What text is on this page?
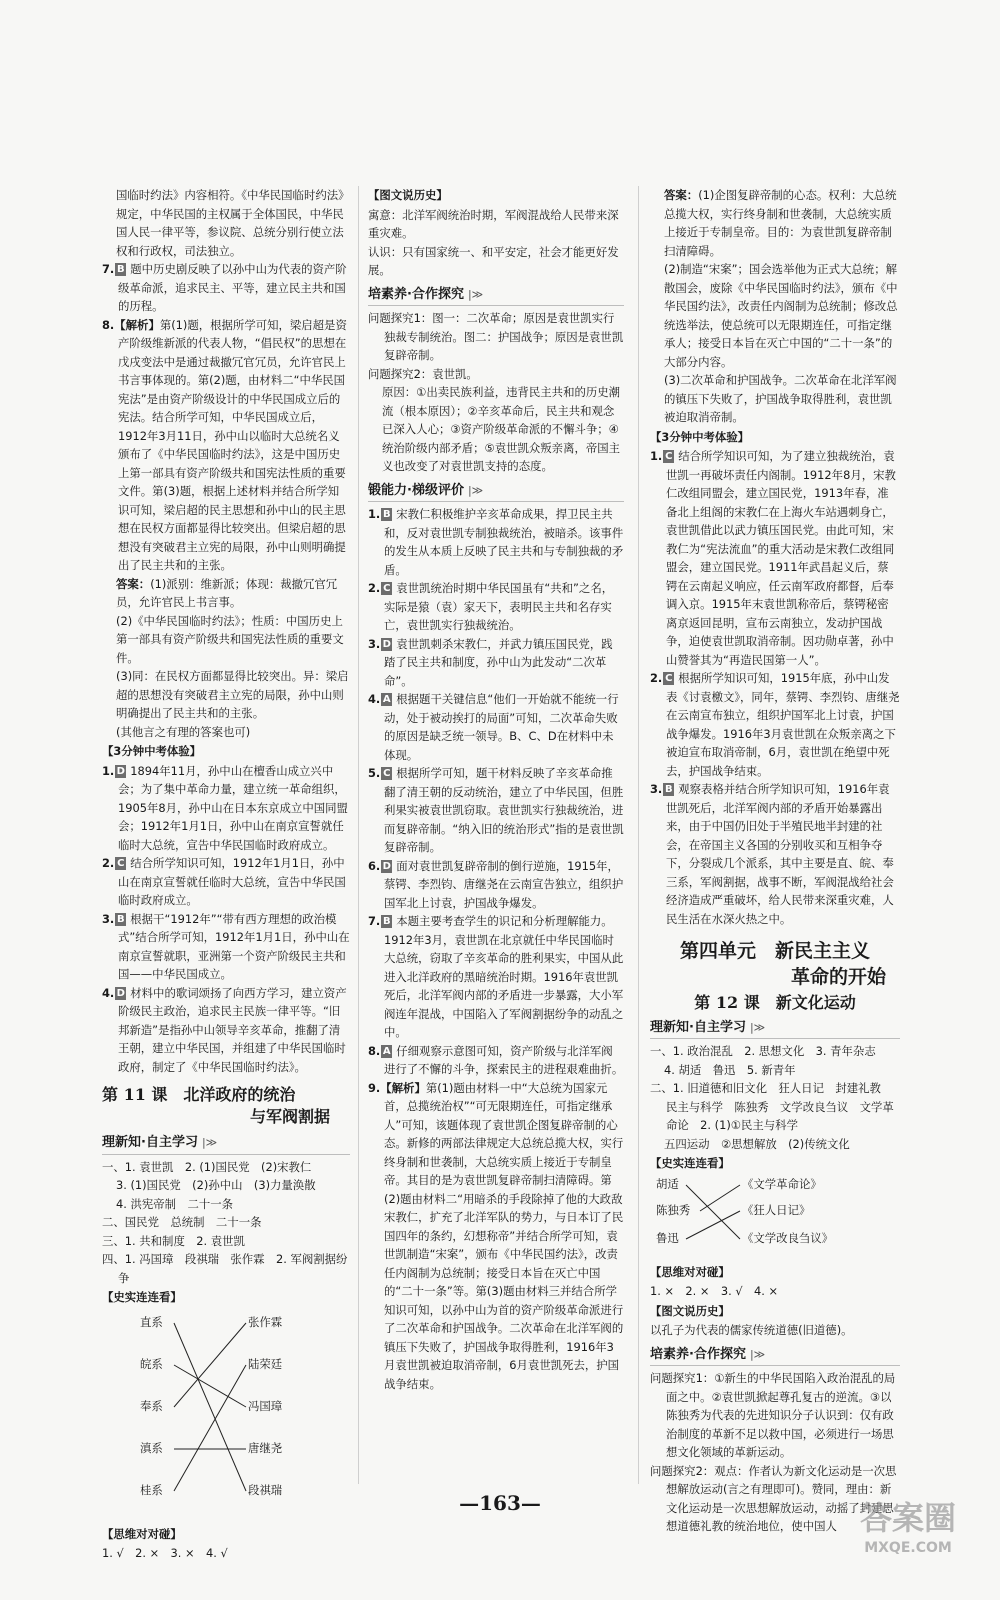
国临时约法》内容相符。《中华民国临时约法》规定，中华民国的主权属于全体国民，中华民国人民一律平等，参议院、总统分别行使立法权和行政权，司法独立。

7. B 题中历史剧反映了以孙中山为代表的资产阶级革命派，追求民主、平等，建立民主共和国的历程。

8.【解析】第(1)题，根据所学可知，梁启超是资产阶级维新派的代表人物，“倡民权”的思想在戊戌变法中是通过裁撤冗官冗员，允许官民上书言事体现的。第(2)题，由材料二“中华民国宪法”是由资产阶级设计的中华民国成立后的宪法。结合所学可知，中华民国成立后，1912年3月11日，孙中山以临时大总统名义颁布了《中华民国临时约法》，这是中国历史上第一部具有资产阶级共和国宪法性质的重要文件。第(3)题，根据上述材料并结合所学知识可知，梁启超的民主思想和孙中山的民主思想在民权方面都显得比较突出。但梁启超的思想没有突破君主立宪的局限，孙中山则明确提出了民主共和的主张。

答案：(1)派别：维新派；体现：裁撤冗官冗员，允许官民上书言事。

(2)《中华民国临时约法》；性质：中国历史上第一部具有资产阶级共和国宪法性质的重要文件。

(3)同：在民权方面都显得比较突出。异：梁启超的思想没有突破君主立宪的局限，孙中山则明确提出了民主共和的主张。

(其他言之有理的答案也可)

【3分钟中考体验】

1. D 1894年11月，孙中山在檀香山成立兴中会；为了集中革命力量，建立统一革命组织，1905年8月，孙中山在日本东京成立中国同盟会；1912年1月1日，孙中山在南京宣誓就任临时大总统，宣告中华民国临时政府成立。

2. C 结合所学知识可知，1912年1月1日，孙中山在南京宣誓就任临时大总统，宣告中华民国临时政府成立。

3. B 根据干“1912年”“带有西方理想的政治模式”结合所学可知，1912年1月1日，孙中山在南京宣誓就职，亚洲第一个资产阶级民主共和国——中华民国成立。

4. D 材料中的歌词颂扬了向西方学习，建立资产阶级民主政治，追求民主民族一律平等。“旧邦新造”是指孙中山领导辛亥革命，推翻了清王朝，建立中华民国，并组建了中华民国临时政府，制定了《中华民国临时约法》。

第 11 课　北洋政府的统治
与军阀割据
理新知·自主学习 |≫

一、1. 袁世凯　2. (1)国民党　(2)宋教仁

3. (1)国民党　(2)孙中山　(3)力量涣散

4. 洪宪帝制　二十一条

二、国民党　总统制　二十一条

三、1. 共和制度　2. 袁世凯

四、1. 冯国璋　段祺瑞　张作霖　2. 军阀割据纷争

【史实连连看】

直系
皖系
奉系
滇系
桂系
张作霖
陆荣廷
冯国璋
唐继尧
段祺瑞

【思维对对碰】

1. √　2. ×　3. ×　4. √

【图文说历史】

寓意：北洋军阀统治时期，军阀混战给人民带来深重灾难。

认识：只有国家统一、和平安定，社会才能更好发展。

培素养·合作探究 |≫

问题探究1：图一：二次革命；原因是袁世凯实行独裁专制统治。图二：护国战争；原因是袁世凯复辟帝制。

问题探究2：袁世凯。

原因：①出卖民族利益，违背民主共和的历史潮流（根本原因）；②辛亥革命后，民主共和观念已深入人心；③资产阶级革命派的不懈斗争；④统治阶级内部矛盾；⑤袁世凯众叛亲离，帝国主义也改变了对袁世凯支持的态度。

锻能力·梯级评价 |≫

1. B 宋教仁积极维护辛亥革命成果，捍卫民主共和，反对袁世凯专制独裁统治，被暗杀。该事件的发生从本质上反映了民主共和与专制独裁的矛盾。

2. C 袁世凯统治时期中华民国虽有“共和”之名，实际是猿（袁）家天下，表明民主共和名存实亡，袁世凯实行独裁统治。

3. D 袁世凯刺杀宋教仁，并武力镇压国民党，践踏了民主共和制度，孙中山为此发动“二次革命”。

4. A 根据题干关键信息“他们一开始就不能统一行动，处于被动挨打的局面”可知，二次革命失败的原因是缺乏统一领导。B、C、D在材料中未体现。

5. C 根据所学可知，题干材料反映了辛亥革命推翻了清王朝的反动统治，建立了中华民国，但胜利果实被袁世凯窃取。袁世凯实行独裁统治，进而复辟帝制。“纳入旧的统治形式”指的是袁世凯复辟帝制。

6. D 面对袁世凯复辟帝制的倒行逆施，1915年，蔡锷、李烈钧、唐继尧在云南宣告独立，组织护国军北上讨袁，护国战争爆发。

7. B 本题主要考查学生的识记和分析理解能力。1912年3月，袁世凯在北京就任中华民国临时大总统，窃取了辛亥革命的胜利果实，中国从此进入北洋政府的黑暗统治时期。1916年袁世凯死后，北洋军阀内部的矛盾进一步暴露，大小军阀连年混战，中国陷入了军阀割据纷争的动乱之中。

8. A 仔细观察示意图可知，资产阶级与北洋军阀进行了不懈的斗争，探索民主的进程艰难曲折。

9.【解析】第(1)题由材料一中“大总统为国家元首，总揽统治权”“可无限期连任，可指定继承人”可知，该题体现了袁世凯企图复辟帝制的心态。新修的两部法律规定大总统总揽大权，实行终身制和世袭制，大总统实质上接近于专制皇帝。其目的是为袁世凯复辟帝制扫清障碍。第(2)题由材料二“用暗杀的手段除掉了他的大政敌宋教仁，扩充了北洋军队的势力，与日本订了民国四年的条约，幻想称帝”并结合所学可知，袁世凯制造“宋案”，颁布《中华民国约法》，改责任内阁制为总统制；接受日本旨在灭亡中国的“二十一条”等。第(3)题由材料三并结合所学知识可知，以孙中山为首的资产阶级革命派进行了二次革命和护国战争。二次革命在北洋军阀的镇压下失败了，护国战争取得胜利，1916年3月袁世凯被迫取消帝制，6月袁世凯死去，护国战争结束。

答案：(1)企图复辟帝制的心态。权利：大总统总揽大权，实行终身制和世袭制，大总统实质上接近于专制皇帝。目的：为袁世凯复辟帝制扫清障碍。

(2)制造“宋案”；国会选举他为正式大总统；解散国会，废除《中华民国临时约法》，颁布《中华民国约法》，改责任内阁制为总统制；修改总统选举法，使总统可以无限期连任，可指定继承人；接受日本旨在灭亡中国的“二十一条”的大部分内容。

(3)二次革命和护国战争。二次革命在北洋军阀的镇压下失败了，护国战争取得胜利，袁世凯被迫取消帝制。

【3分钟中考体验】

1. C 结合所学知识可知，为了建立独裁统治，袁世凯一再破坏责任内阁制。1912年8月，宋教仁改组同盟会，建立国民党，1913年春，准备北上组阁的宋教仁在上海火车站遇刺身亡，袁世凯借此以武力镇压国民党。由此可知，宋教仁为“宪法流血”的重大活动是宋教仁改组同盟会，建立国民党。1911年武昌起义后，蔡锷在云南起义响应，任云南军政府都督，后奉调入京。1915年末袁世凯称帝后，蔡锷秘密离京返回昆明，宣布云南独立，发动护国战争，迫使袁世凯取消帝制。因功勋卓著，孙中山赞誉其为“再造民国第一人”。

2. C 根据所学知识可知，1915年底，孙中山发表《讨袁檄文》，同年，蔡锷、李烈钧、唐继尧在云南宣布独立，组织护国军北上讨袁，护国战争爆发。1916年3月袁世凯在众叛亲离之下被迫宣布取消帝制，6月，袁世凯在绝望中死去，护国战争结束。

3. B 观察表格并结合所学知识可知，1916年袁世凯死后，北洋军阀内部的矛盾开始暴露出来，由于中国仍旧处于半殖民地半封建的社会，在帝国主义各国的分别收买和互相争夺下，分裂成几个派系，其中主要是直、皖、奉三系，军阀割据，战事不断，军阀混战给社会经济造成严重破坏，给人民带来深重灾难，人民生活在水深火热之中。

第四单元　新民主主义
革命的开始
第 12 课　新文化运动
理新知·自主学习 |≫

一、1. 政治混乱　2. 思想文化　3. 青年杂志

4. 胡适　鲁迅　5. 新青年

二、1. 旧道德和旧文化　狂人日记　封建礼教　民主与科学　陈独秀　文学改良刍议　文学革命论　2. (1)①民主与科学

五四运动　②思想解放　(2)传统文化

【史实连连看】

胡适
陈独秀
鲁迅
《文学革命论》
《狂人日记》
《文学改良刍议》

【思维对对碰】

1. ×　2. ×　3. √　4. ×

【图文说历史】

以孔子为代表的儒家传统道德(旧道德)。

培素养·合作探究 |≫

问题探究1：①新生的中华民国陷入政治混乱的局面之中。②袁世凯掀起尊孔复古的逆流。③以陈独秀为代表的先进知识分子认识到：仅有政治制度的革新不足以救中国，必须进行一场思想文化领域的革新运动。

问题探究2：观点：作者认为新文化运动是一次思想解放运动(言之有理即可)。赞同，理由：新文化运动是一次思想解放运动，动摇了封建思想道德礼教的统治地位，使中国人

—163—	答案圈
MXQE.COM
